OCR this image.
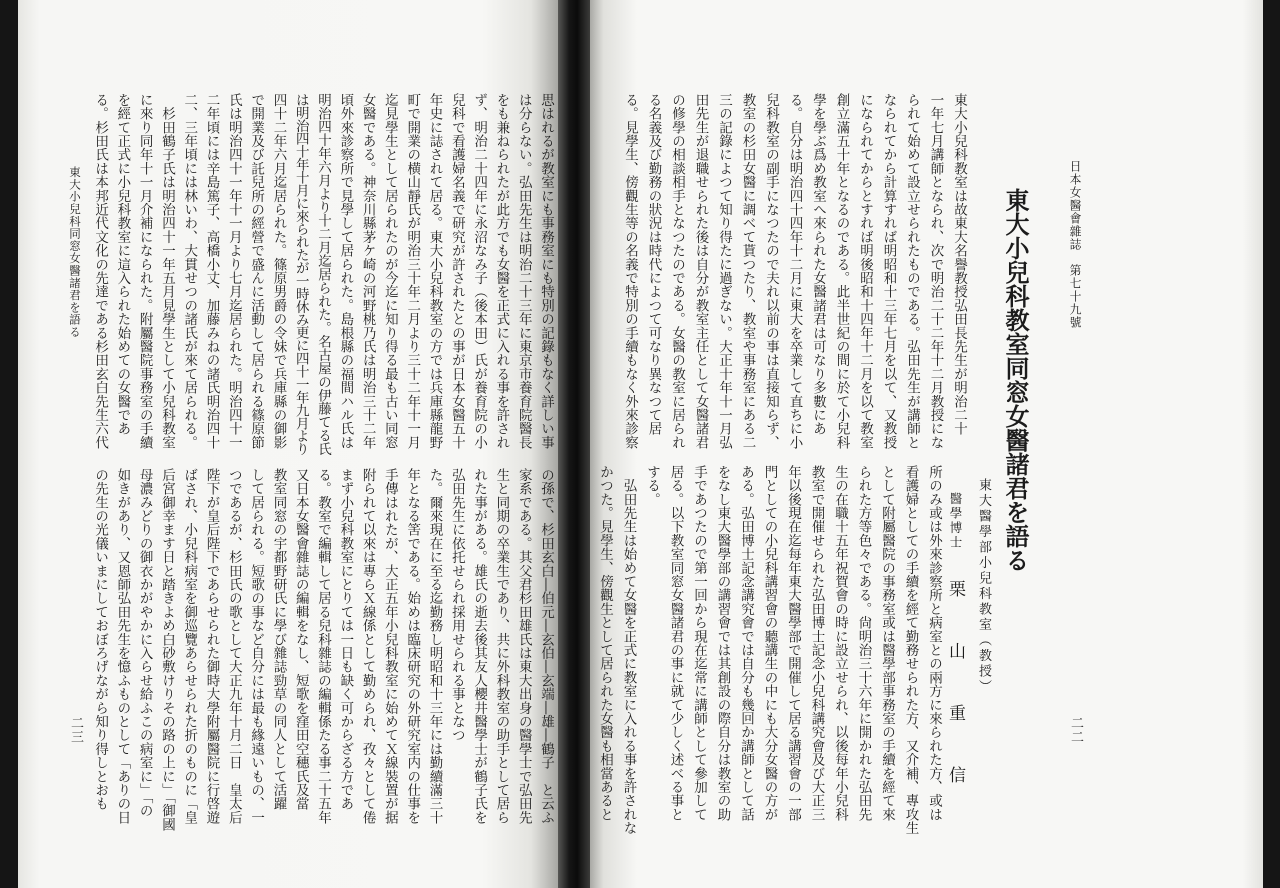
日本女醫會雜誌　第七十九號
二二
東大小兒科教室同窓女醫諸君を語る
東大醫學部小兒科教室（教授）
醫學博士
栗　山　重　信
東大小兒科教室は故東大名譽教授弘田長先生が明治二十
一年七月講師となられ、次で明治二十二年十二月教授にな
られて始めて設立せられたものである。弘田先生が講師と
なられてから計算すれば明昭和十三年七月を以て、又教授
になられてからとすれば明後昭和十四年十二月を以て教室
創立滿五十年となるのである。此半世紀の間に於て小兒科
學を學ぶ爲め教室へ來られた女醫諸君は可なり多數にあ
る。自分は明治四十四年十二月に東大を卒業して直ちに小
兒科教室の副手になつたので夫れ以前の事は直接知らず、
教室の杉田女醫に調べて貰つたり、教室や事務室にある二
三の記錄によつて知り得たに過ぎない。大正十年十一月弘
田先生が退職せられた後は自分が教室主任として女醫諸君
の修學の相談相手となつたのである。女醫の教室に居られ
る名義及び勤務の狀況は時代によつて可なり異なつて居
る。見學生、傍觀生等の名義で特別の手續もなく外來診察
所のみ或は外來診察所と病室との兩方に來られた方、或は
看護婦としての手續を經て勤務せられた方、又介補、專攻生
として附屬醫院の事務室或は醫學部事務室の手續を經て來
られた方等色々である。尙明治三十六年に開かれた弘田先
生の在職十五年祝賀會の時に設立せられ、以後每年小兒科
教室で開催せられた弘田博士記念小兒科講究會及び大正三
年以後現在迄每年東大醫學部で開催して居る講習會の一部
門としての小兒科講習會の聽講生の中にも大分女醫の方が
ある。弘田博士記念講究會では自分も幾回か講師として話
をなし東大醫學部の講習會では其創設の際自分は教室の助
手であつたので第一回から現在迄常に講師として參加して
居る。以下教室同窓女醫諸君の事に就て少しく述べる事と
する。
　弘田先生は始めて女醫を正式に教室に入れる事を許されな
かつた。見學生、傍觀生として居られた女醫も相當あると
東大小兒科同窓女醫諸君を語る
二三
思はれるが教室にも事務室にも特別の記錄もなく詳しい事
は分らない。弘田先生は明治二十三年に東京市養育院醫長
をも兼ねられたが此方でも女醫を正式に入れる事を許され
ず、明治二十四年に永沼なみ子（後本田）氏が養育院の小
兒科で看護婦名義で研究が許されたとの事が日本女醫五十
年史に誌されて居る。東大小兒科教室の方では兵庫縣龍野
町で開業の横山靜氏が明治三十年二月より三十二年十一月
迄見學生として居られたのが今迄に知り得る最も古い同窓
女醫である。神奈川縣茅ケ崎の河野桃乃氏は明治三十二年
頃外來診察所で見學して居られた。島根縣の福間ハル氏は
明治四十年六月より十二月迄居られた。名古屋の伊藤てる氏
は明治四十年十月に來られたが一時休み更に四十一年九月より
四十二年六月迄居られた。篠原男爵の令妹で兵庫縣の御影
で開業及び託兒所の經營で盛んに活動して居られる篠原節
氏は明治四十一年十一月より七月迄居られた。明治四十一
二年頃には辛島篤子、高橋小丈、加藤みねの諸氏明治四十
二、三年頃には林いわ、大貫せつの諸氏が來て居られる。
　杉田鶴子氏は明治四十一年五月見學生として小兒科教室
に來り同年十一月介補になられた。附屬醫院事務室の手續
を經て正式に小兒科教室に這入られた始めての女醫であ
る。杉田氏は本邦近代文化の先達である杉田玄白先生六代
の孫で、杉田玄白―伯元―玄伯―玄端―雄―鶴子　と云ふ
家系である。其父君杉田雄氏は東大出身の醫學士で弘田先
生と同期の卒業生であり、共に外科教室の助手として居ら
れた事がある。雄氏の逝去後其友人櫻井醫學士が鶴子氏を
弘田先生に依托せられ採用せられる事となつ
た。爾來現在に至る迄勤務し明昭和十三年には勤續滿三十
年となる筈である。始めは臨床研究の外研究室内の仕事を
手傳はれたが、大正五年小兒科教室に始めてＸ線裝置が据
附られて以來は專らＸ線係として勤められ、孜々として倦
まず小兒科教室にとりては一日も缺く可からざる方であ
る。教室で編輯して居る兒科雜誌の編輯係たる事二十五年
又日本女醫會雜誌の編輯をなし、短歌を窪田空穗氏及當
教室同窓の宇都野研氏に學び雜誌勁草の同人として活躍
して居られる。短歌の事など自分には最も緣遠いもの、一
つであるが、杉田氏の歌として大正九年十月二日　皇太后
陛下が皇后陛下であらせられた御時大學附屬醫院に行啓遊
ばされ、小兒科病室を御巡覽あらせられた折のものに「皇
后宮御幸ます日と踏きよめ白砂敷けりその路の上に」「御國
母濃みどりの御衣かがやかに入らせ給ふこの病室に」「の
如きがあり、又恩師弘田先生を憶ふものとして「ありの日
の先生の光儀いまにしておぼろげながら知り得しとおも
